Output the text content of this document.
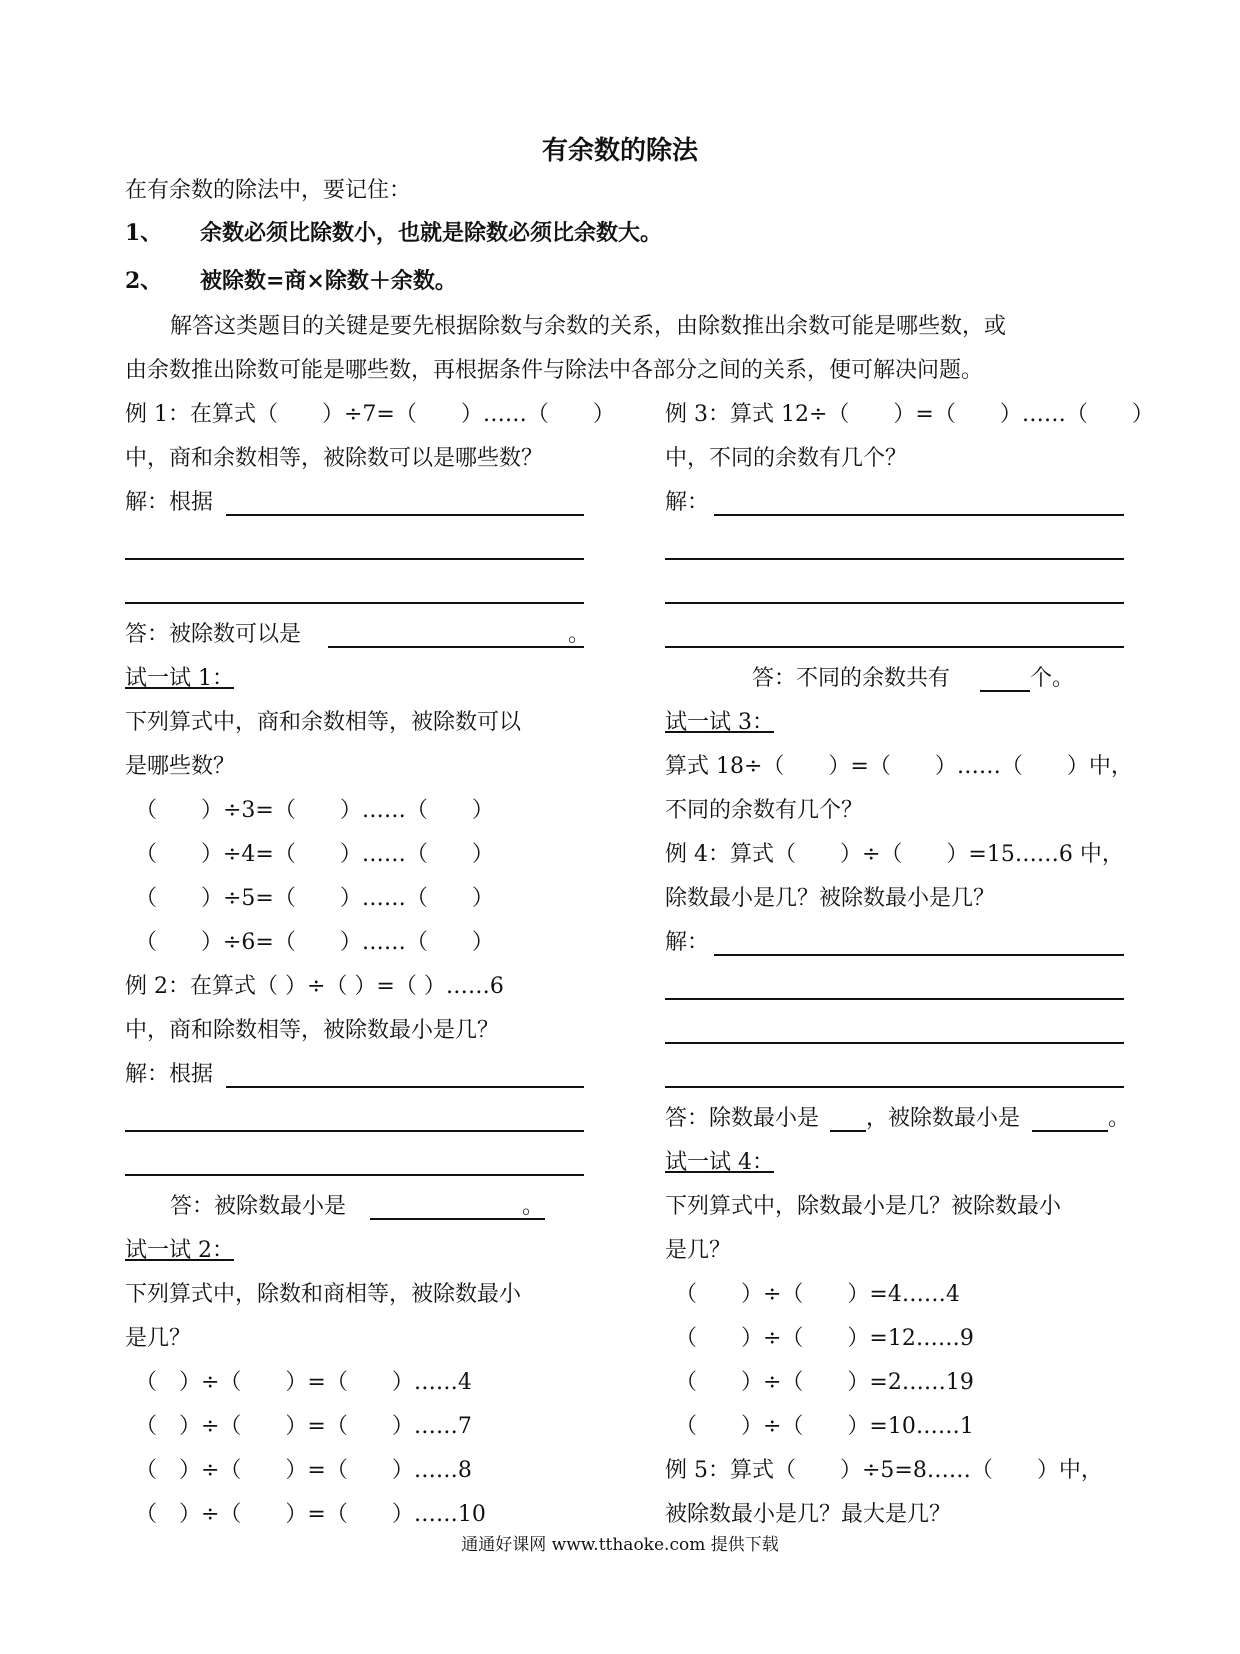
有余数的除法
在有余数的除法中，要记住：
1、 余数必须比除数小，也就是除数必须比余数大。
2、 被除数=商×除数＋余数。
解答这类题目的关键是要先根据除数与余数的关系，由除数推出余数可能是哪些数，或
由余数推出除数可能是哪些数，再根据条件与除法中各部分之间的关系，便可解决问题。
例 1：在算式（　　）÷7=（　　）……（　　）
中，商和余数相等，被除数可以是哪些数？
解：根据
答：被除数可以是	。
试一试 1：
下列算式中，商和余数相等，被除数可以
是哪些数？
（　　）÷3=（　　）……（　　）
（　　）÷4=（　　）……（　　）
（　　）÷5=（　　）……（　　）
（　　）÷6=（　　）……（　　）
例 2：在算式（ ）÷（ ）=（ ）……6
中，商和除数相等，被除数最小是几？
解：根据
答：被除数最小是	。
试一试 2：
下列算式中，除数和商相等，被除数最小
是几？
（　）÷（　　）=（　　）……4
（　）÷（　　）=（　　）……7
（　）÷（　　）=（　　）……8
（　）÷（　　）=（　　）……10
例 3：算式 12÷（　　）=（　　）……（　　）
中，不同的余数有几个？
解：
答：不同的余数共有	个。
试一试 3：
算式 18÷（　　）=（　　）……（　　）中，
不同的余数有几个？
例 4：算式（　　）÷（　　）=15……6 中，
除数最小是几？被除数最小是几？
解：
答：除数最小是 ，被除数最小是	。
试一试 4：
下列算式中，除数最小是几？被除数最小
是几？
（　　）÷（　　）=4……4
（　　）÷（　　）=12……9
（　　）÷（　　）=2……19
（　　）÷（　　）=10……1
例 5：算式（　　）÷5=8……（　　）中，
被除数最小是几？最大是几？
通通好课网 www.tthaoke.com 提供下载
